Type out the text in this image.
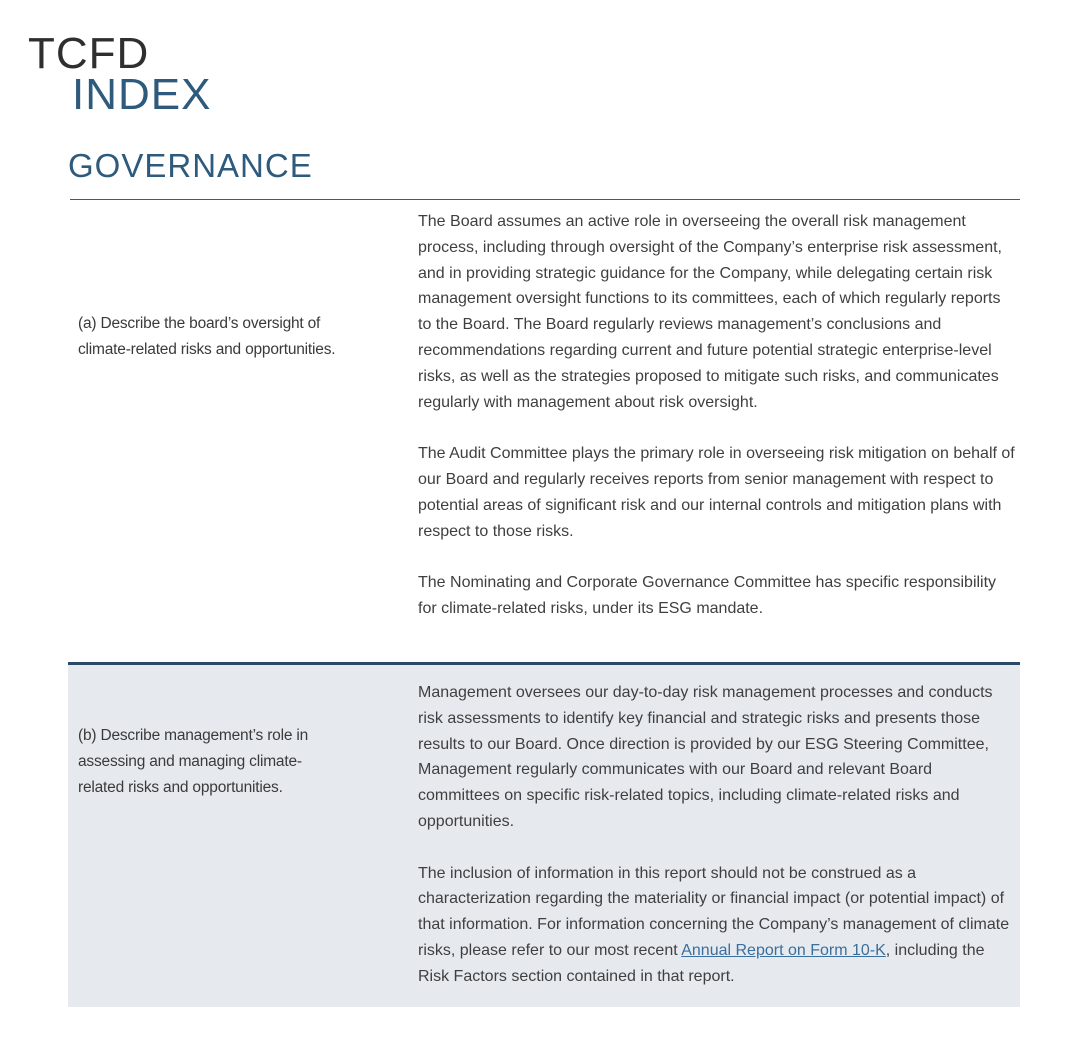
TCFD
INDEX
GOVERNANCE
(a) Describe the board’s oversight of climate-related risks and opportunities.

The Board assumes an active role in overseeing the overall risk management process, including through oversight of the Company’s enterprise risk assessment, and in providing strategic guidance for the Company, while delegating certain risk management oversight functions to its committees, each of which regularly reports to the Board. The Board regularly reviews management’s conclusions and recommendations regarding current and future potential strategic enterprise-level risks, as well as the strategies proposed to mitigate such risks, and communicates regularly with management about risk oversight.

The Audit Committee plays the primary role in overseeing risk mitigation on behalf of our Board and regularly receives reports from senior management with respect to potential areas of significant risk and our internal controls and mitigation plans with respect to those risks.

The Nominating and Corporate Governance Committee has specific responsibility for climate-related risks, under its ESG mandate.

(b) Describe management’s role in assessing and managing climate-related risks and opportunities.

Management oversees our day-to-day risk management processes and conducts risk assessments to identify key financial and strategic risks and presents those results to our Board. Once direction is provided by our ESG Steering Committee, Management regularly communicates with our Board and relevant Board committees on specific risk-related topics, including climate-related risks and opportunities.

The inclusion of information in this report should not be construed as a characterization regarding the materiality or financial impact (or potential impact) of that information. For information concerning the Company’s management of climate risks, please refer to our most recent Annual Report on Form 10-K, including the Risk Factors section contained in that report.
